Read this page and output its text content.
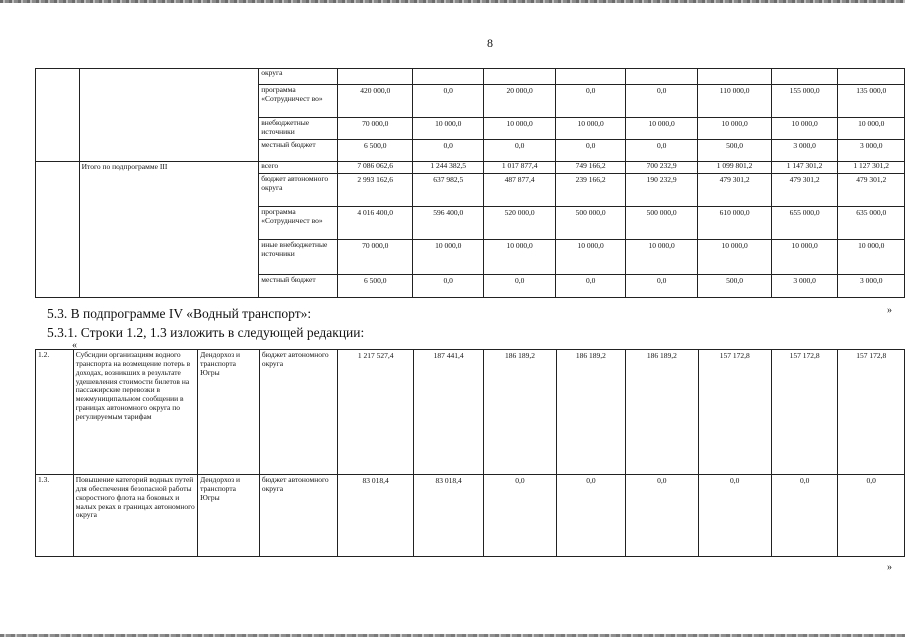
8
		округа								
		программа «Сотрудничест во»	420 000,0	0,0	20 000,0	0,0	0,0	110 000,0	155 000,0	135 000,0
		внебюджетные источники	70 000,0	10 000,0	10 000,0	10 000,0	10 000,0	10 000,0	10 000,0	10 000,0
		местный бюджет	6 500,0	0,0	0,0	0,0	0,0	500,0	3 000,0	3 000,0
	Итого по подпрограмме III	всего	7 086 062,6	1 244 382,5	1 017 877,4	749 166,2	700 232,9	1 099 801,2	1 147 301,2	1 127 301,2
		бюджет автономного округа	2 993 162,6	637 982,5	487 877,4	239 166,2	190 232,9	479 301,2	479 301,2	479 301,2
		программа «Сотрудничест во»	4 016 400,0	596 400,0	520 000,0	500 000,0	500 000,0	610 000,0	655 000,0	635 000,0
		иные внебюджетные источники	70 000,0	10 000,0	10 000,0	10 000,0	10 000,0	10 000,0	10 000,0	10 000,0
		местный бюджет	6 500,0	0,0	0,0	0,0	0,0	500,0	3 000,0	3 000,0
»
5.3. В подпрограмме IV «Водный транспорт»:
5.3.1. Строки 1.2, 1.3 изложить в следующей редакции:
«
1.2.	Субсидии организациям водного транспорта на возмещение потерь в доходах, возникших в результате удешевления стоимости билетов на пассажирские перевозки в межмуниципальном сообщении в границах автономного округа по регулируемым тарифам	Дендорхоз и транспорта Югры	бюджет автономного округа	1 217 527,4	187 441,4	186 189,2	186 189,2	186 189,2	157 172,8	157 172,8	157 172,8
1.3.	Повышение категорий водных путей для обеспечения безопасной работы скоростного флота на боковых и малых реках в границах автономного округа	Дендорхоз и транспорта Югры	бюджет автономного округа	83 018,4	83 018,4	0,0	0,0	0,0	0,0	0,0	0,0
»
